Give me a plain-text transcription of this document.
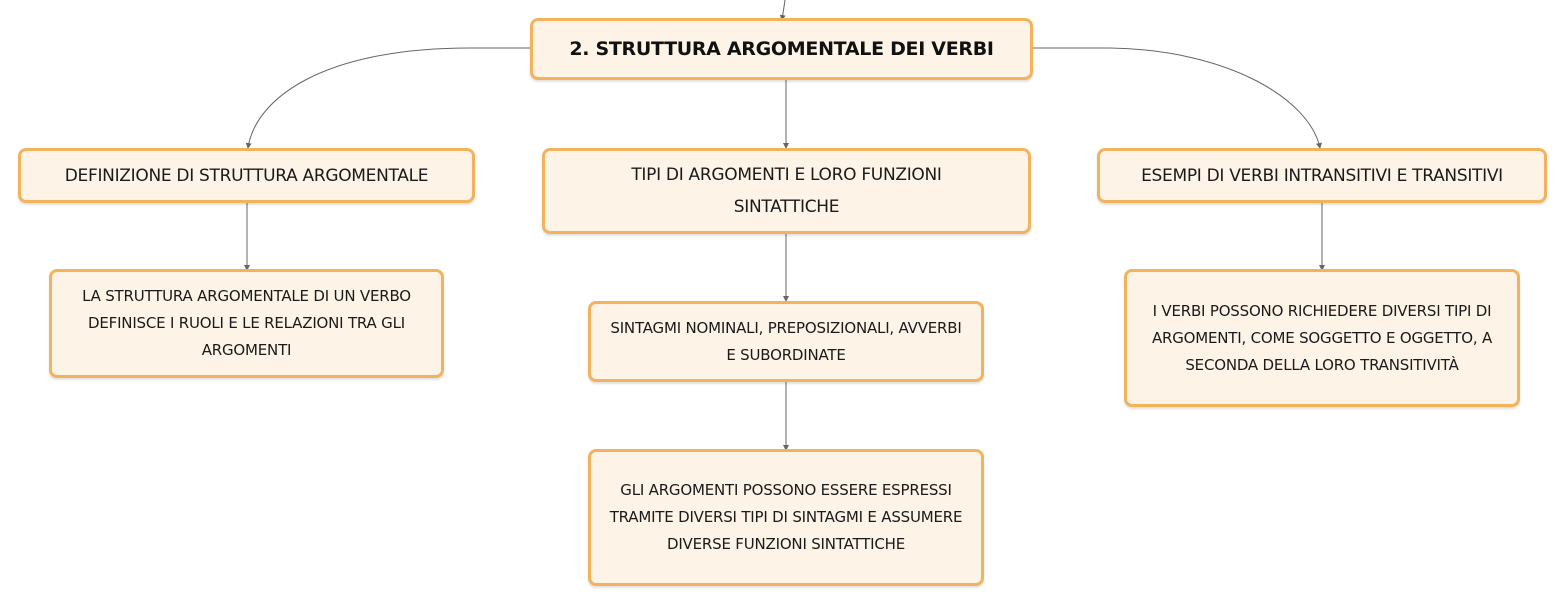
2. STRUTTURA ARGOMENTALE DEI VERBI
DEFINIZIONE DI STRUTTURA ARGOMENTALE	TIPI DI ARGOMENTI E LORO FUNZIONI SINTATTICHE
ESEMPI DI VERBI INTRANSITIVI E TRANSITIVI
LA STRUTTURA ARGOMENTALE DI UN VERBO DEFINISCE I RUOLI E LE RELAZIONI TRA GLI ARGOMENTI
SINTAGMI NOMINALI, PREPOSIZIONALI, AVVERBI E SUBORDINATE
GLI ARGOMENTI POSSONO ESSERE ESPRESSI TRAMITE DIVERSI TIPI DI SINTAGMI E ASSUMERE DIVERSE FUNZIONI SINTATTICHE
I VERBI POSSONO RICHIEDERE DIVERSI TIPI DI ARGOMENTI, COME SOGGETTO E OGGETTO, A SECONDA DELLA LORO TRANSITIVITÀ
